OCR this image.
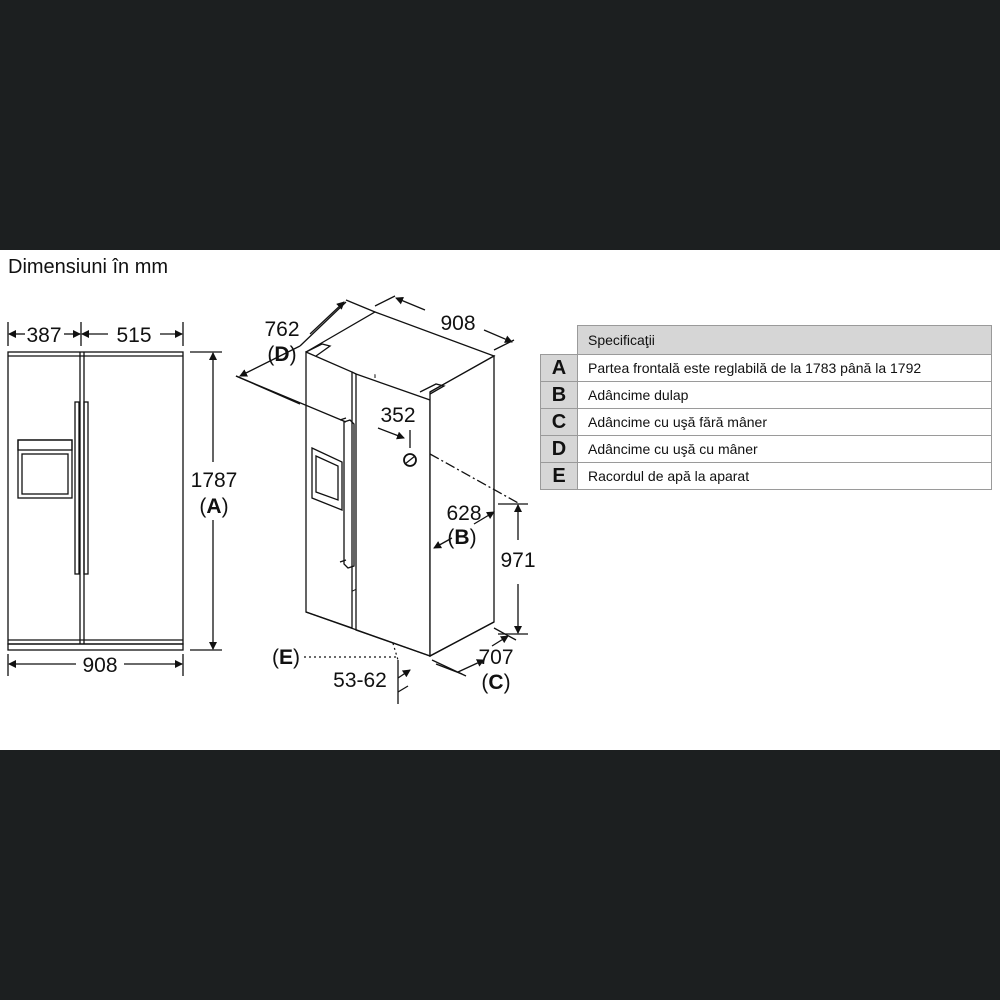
Dimensiuni în mm
387	515
1787
(A)
908
762
(D)
908
352
628
(B)
971
707
(C)
(E)
53-62
	Specificaţii
A	Partea frontală este reglabilă de la 1783 până la 1792
B	Adâncime dulap
C	Adâncime cu uşă fără mâner
D	Adâncime cu uşă cu mâner
E	Racordul de apă la aparat
